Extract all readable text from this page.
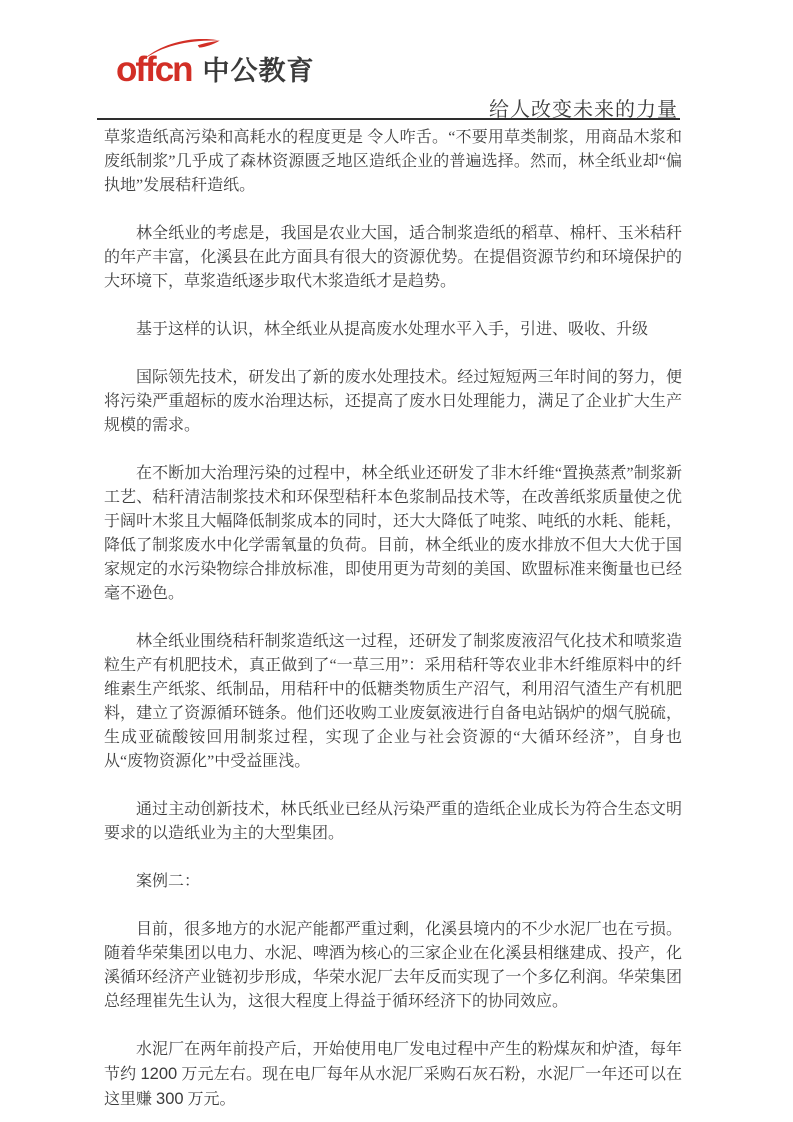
offcn 中公教育
给人改变未来的力量

草浆造纸高污染和高耗水的程度更是 令人咋舌。“不要用草类制浆，用商品木浆和废纸制浆”几乎成了森林资源匮乏地区造纸企业的普遍选择。然而，林全纸业却“偏执地”发展秸秆造纸。

林全纸业的考虑是，我国是农业大国，适合制浆造纸的稻草、棉杆、玉米秸秆的年产丰富，化溪县在此方面具有很大的资源优势。在提倡资源节约和环境保护的大环境下，草浆造纸逐步取代木浆造纸才是趋势。

基于这样的认识，林全纸业从提高废水处理水平入手，引进、吸收、升级

国际领先技术，研发出了新的废水处理技术。经过短短两三年时间的努力，便将污染严重超标的废水治理达标，还提高了废水日处理能力，满足了企业扩大生产规模的需求。

在不断加大治理污染的过程中，林全纸业还研发了非木纤维“置换蒸煮”制浆新工艺、秸秆清洁制浆技术和环保型秸秆本色浆制品技术等，在改善纸浆质量使之优于阔叶木浆且大幅降低制浆成本的同时，还大大降低了吨浆、吨纸的水耗、能耗，降低了制浆废水中化学需氧量的负荷。目前，林全纸业的废水排放不但大大优于国家规定的水污染物综合排放标准，即使用更为苛刻的美国、欧盟标准来衡量也已经毫不逊色。

林全纸业围绕秸秆制浆造纸这一过程，还研发了制浆废液沼气化技术和喷浆造粒生产有机肥技术，真正做到了“一草三用”：采用秸秆等农业非木纤维原料中的纤维素生产纸浆、纸制品，用秸秆中的低糖类物质生产沼气，利用沼气渣生产有机肥料，建立了资源循环链条。他们还收购工业废氨液进行自备电站锅炉的烟气脱硫，生成亚硫酸铵回用制浆过程，实现了企业与社会资源的“大循环经济”，自身也从“废物资源化”中受益匪浅。

通过主动创新技术，林氏纸业已经从污染严重的造纸企业成长为符合生态文明要求的以造纸业为主的大型集团。

案例二：

目前，很多地方的水泥产能都严重过剩，化溪县境内的不少水泥厂也在亏损。随着华荣集团以电力、水泥、啤酒为核心的三家企业在化溪县相继建成、投产，化溪循环经济产业链初步形成，华荣水泥厂去年反而实现了一个多亿利润。华荣集团总经理崔先生认为，这很大程度上得益于循环经济下的协同效应。

水泥厂在两年前投产后，开始使用电厂发电过程中产生的粉煤灰和炉渣，每年节约 1200 万元左右。现在电厂每年从水泥厂采购石灰石粉，水泥厂一年还可以在这里赚 300 万元。
